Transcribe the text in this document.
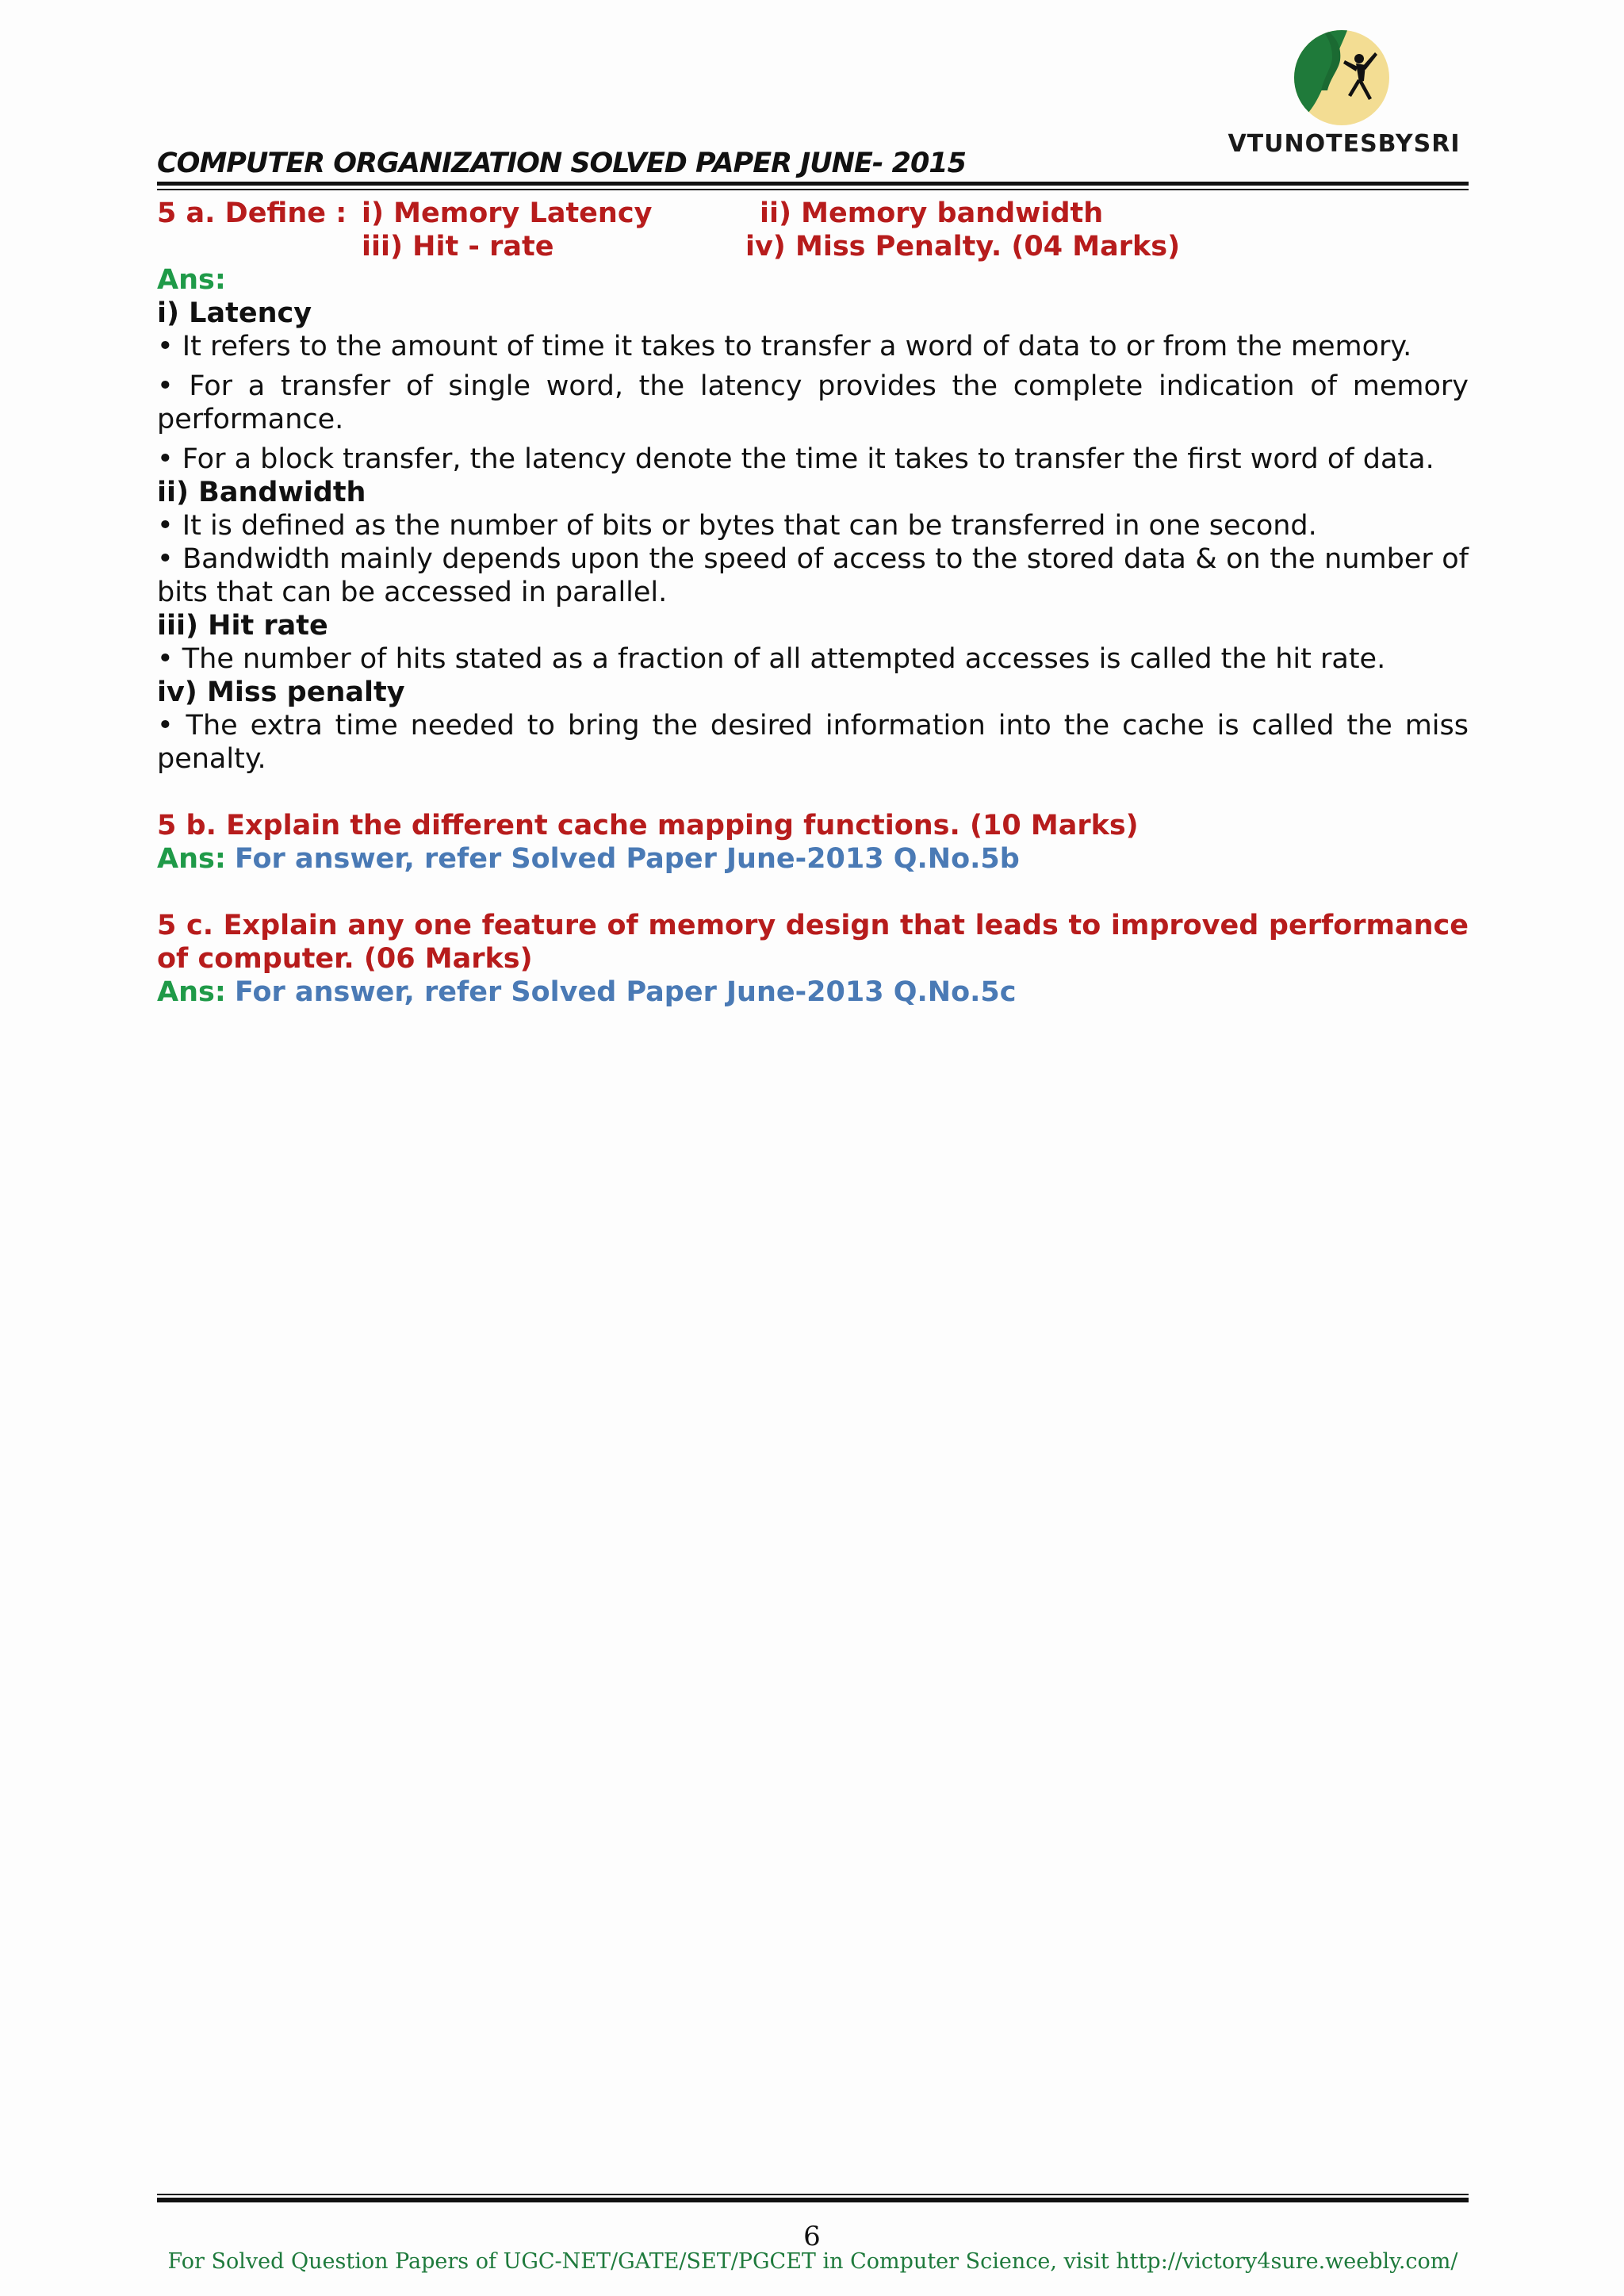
COMPUTER ORGANIZATION SOLVED PAPER JUNE- 2015
VTUNOTESBYSRI
5 a. Define : i) Memory Latency	ii) Memory bandwidth
iii) Hit - rate	iv) Miss Penalty. (04 Marks)
Ans:
i) Latency
• It refers to the amount of time it takes to transfer a word of data to or from the memory.
• For a transfer of single word, the latency provides the complete indication of memory performance.
• For a block transfer, the latency denote the time it takes to transfer the first word of data.
ii) Bandwidth
• It is defined as the number of bits or bytes that can be transferred in one second.
• Bandwidth mainly depends upon the speed of access to the stored data & on the number of bits that can be accessed in parallel.
iii) Hit rate
• The number of hits stated as a fraction of all attempted accesses is called the hit rate.
iv) Miss penalty
• The extra time needed to bring the desired information into the cache is called the miss penalty.
5 b. Explain the different cache mapping functions. (10 Marks)
Ans: For answer, refer Solved Paper June-2013 Q.No.5b
5 c. Explain any one feature of memory design that leads to improved performance of computer. (06 Marks)
Ans: For answer, refer Solved Paper June-2013 Q.No.5c
6
For Solved Question Papers of UGC-NET/GATE/SET/PGCET in Computer Science, visit http://victory4sure.weebly.com/
